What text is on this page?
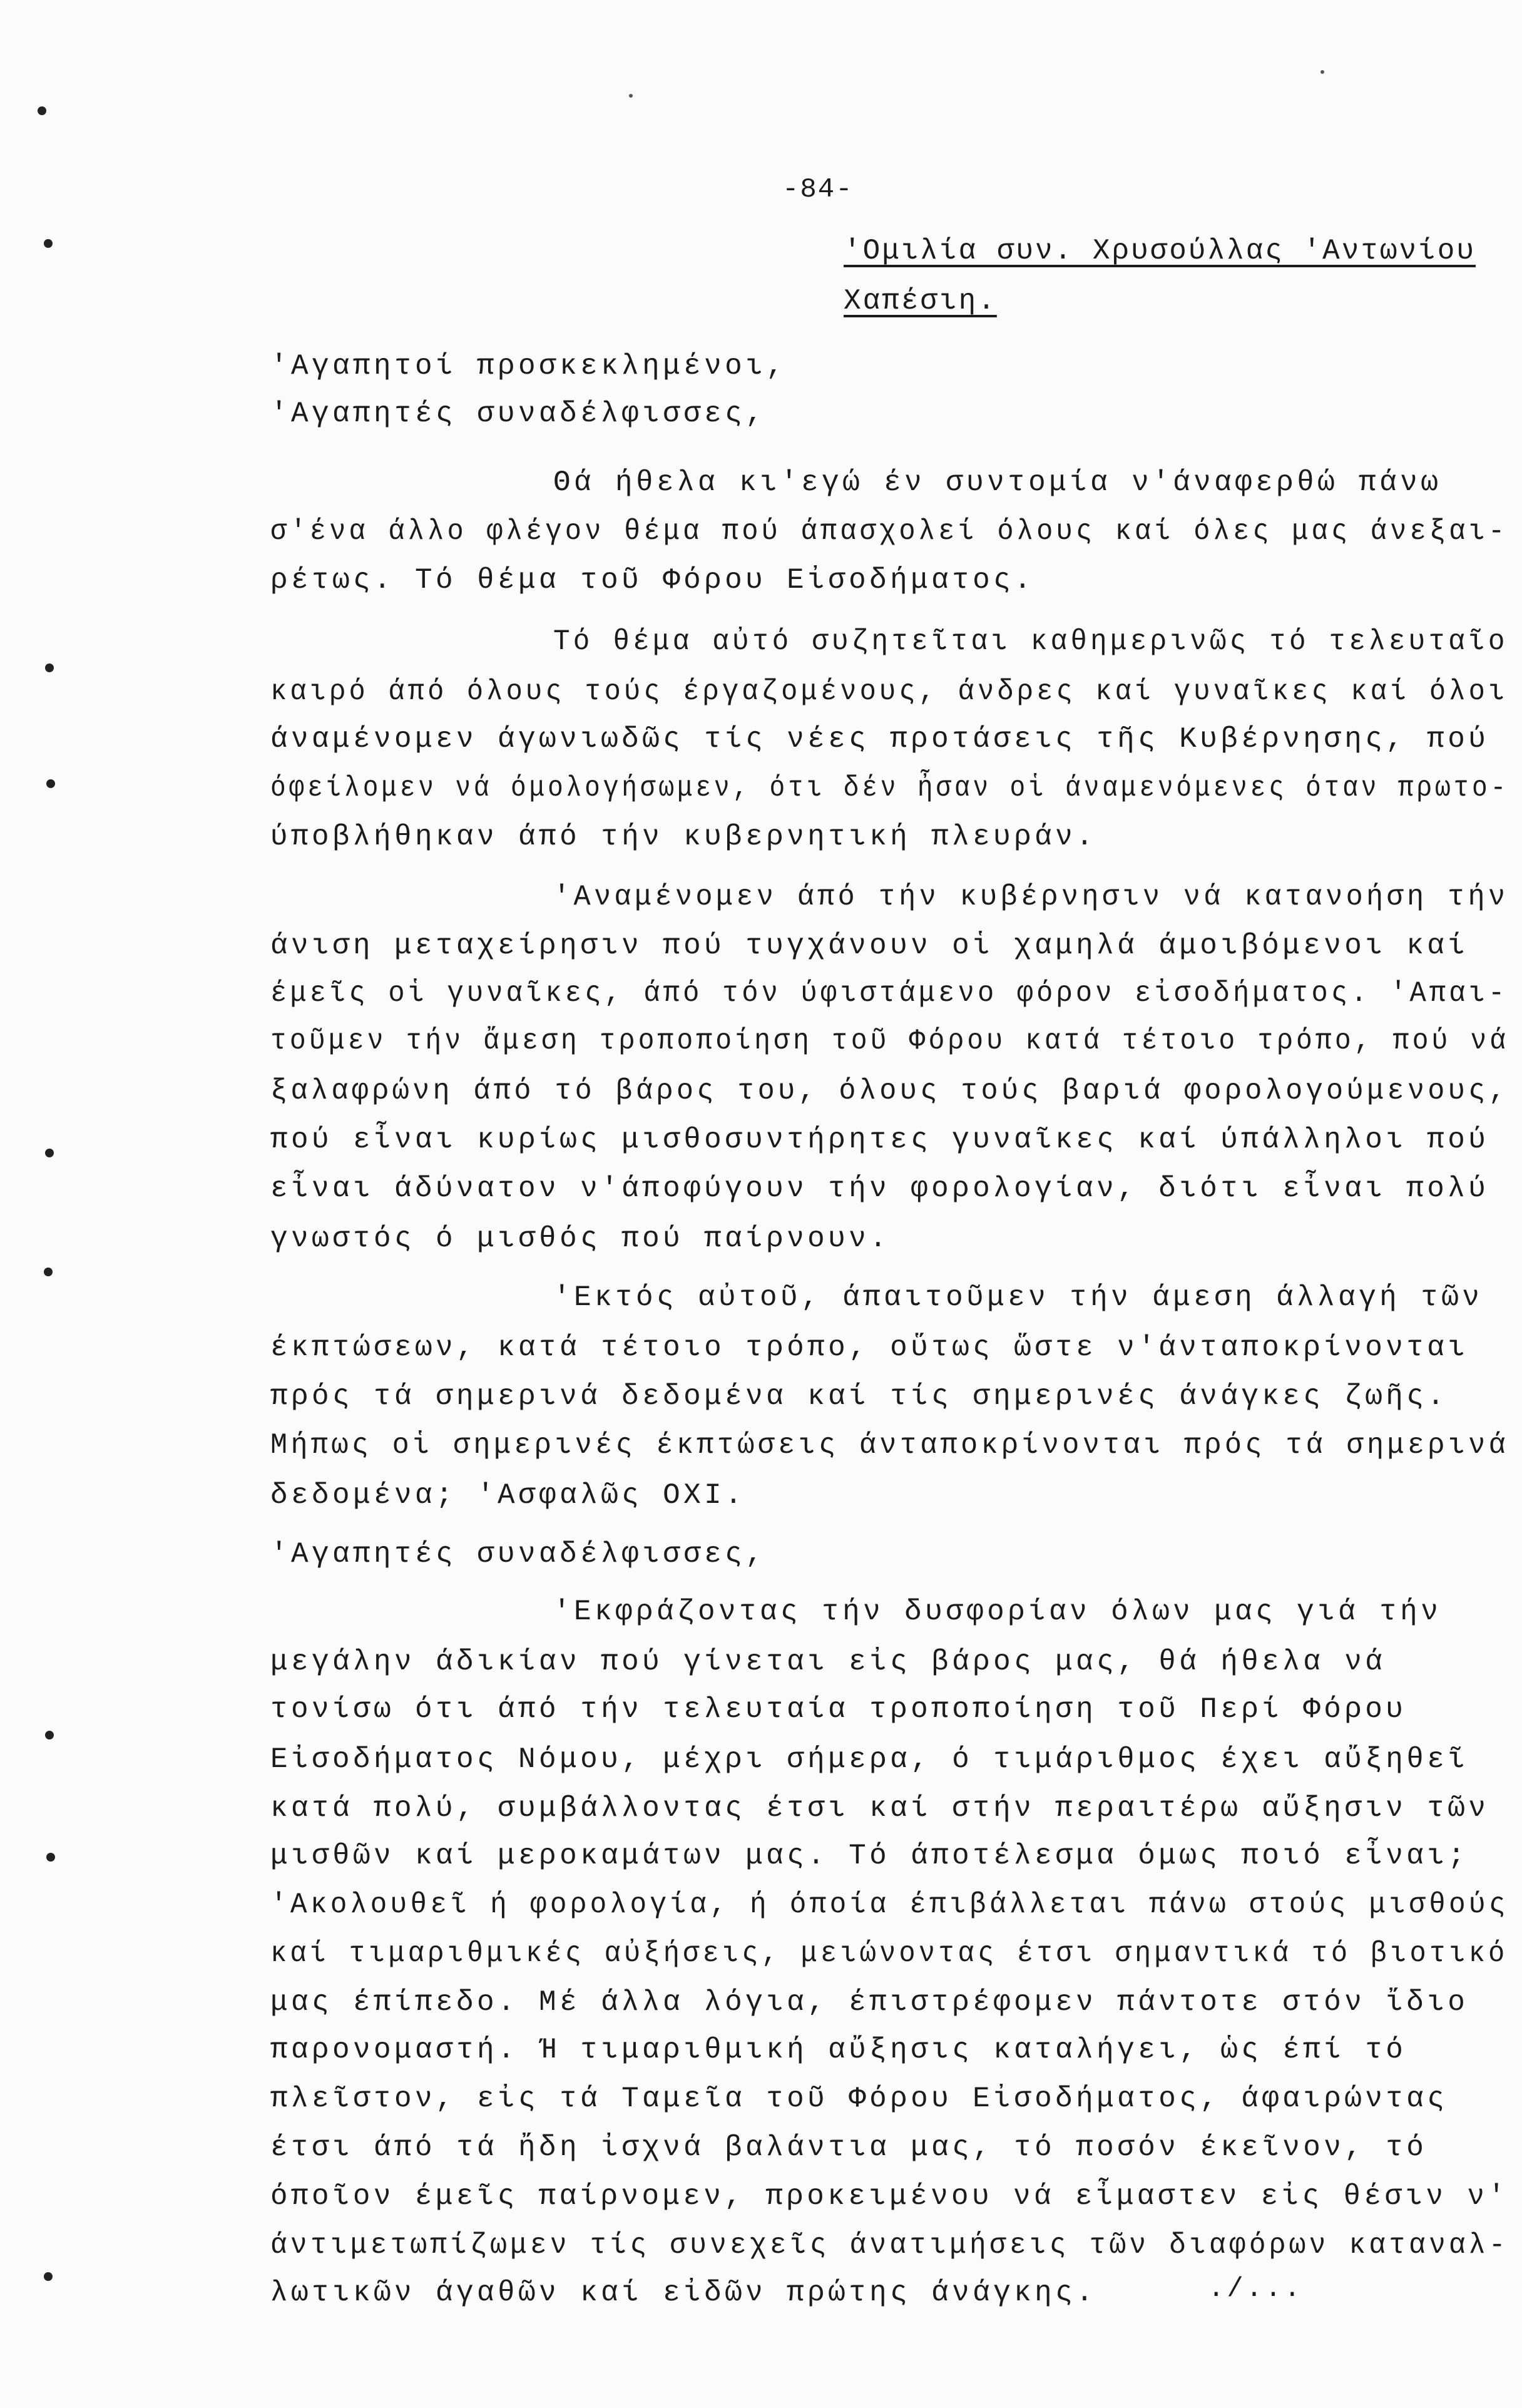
-84-
'Ομιλία συν. Χρυσούλλας 'Αντωνίου
Χαπέσιη.
'Αγαπητοί προσκεκλημένοι,
'Αγαπητές συναδέλφισσες,
Θά ήθελα κι'εγώ έν συντομία ν'άναφερθώ πάνω
σ'ένα άλλο φλέγον θέμα πού άπασχολεί όλους καί όλες μας άνεξαι-
ρέτως. Τό θέμα τοῦ Φόρου Εἰσοδήματος.
Τό θέμα αὐτό συζητεῖται καθημερινῶς τό τελευταῖο
καιρό άπό όλους τούς έργαζομένους, άνδρες καί γυναῖκες καί όλοι
άναμένομεν άγωνιωδῶς τίς νέες προτάσεις τῆς Κυβέρνησης, πού
όφείλομεν νά όμολογήσωμεν, ότι δέν ἦσαν οἱ άναμενόμενες όταν πρωτο-
ύποβλήθηκαν άπό τήν κυβερνητική πλευράν.
'Αναμένομεν άπό τήν κυβέρνησιν νά κατανοήση τήν
άνιση μεταχείρησιν πού τυγχάνουν οἱ χαμηλά άμοιβόμενοι καί
έμεῖς οἱ γυναῖκες, άπό τόν ύφιστάμενο φόρον εἰσοδήματος. 'Απαι-
τοῦμεν τήν ἄμεση τροποποίηση τοῦ Φόρου κατά τέτοιο τρόπο, πού νά
ξαλαφρώνη άπό τό βάρος του, όλους τούς βαριά φορολογούμενους,
πού εἶναι κυρίως μισθοσυντήρητες γυναῖκες καί ύπάλληλοι πού
εἶναι άδύνατον ν'άποφύγουν τήν φορολογίαν, διότι εἶναι πολύ
γνωστός ό μισθός πού παίρνουν.
'Εκτός αὐτοῦ, άπαιτοῦμεν τήν άμεση άλλαγή τῶν
έκπτώσεων, κατά τέτοιο τρόπο, οὕτως ὥστε ν'άνταποκρίνονται
πρός τά σημερινά δεδομένα καί τίς σημερινές άνάγκες ζωῆς.
Μήπως οἱ σημερινές έκπτώσεις άνταποκρίνονται πρός τά σημερινά
δεδομένα; 'Ασφαλῶς ΟΧΙ.
'Αγαπητές συναδέλφισσες,
'Εκφράζοντας τήν δυσφορίαν όλων μας γιά τήν
μεγάλην άδικίαν πού γίνεται εἰς βάρος μας, θά ήθελα νά
τονίσω ότι άπό τήν τελευταία τροποποίηση τοῦ Περί Φόρου
Εἰσοδήματος Νόμου, μέχρι σήμερα, ό τιμάριθμος έχει αὔξηθεῖ
κατά πολύ, συμβάλλοντας έτσι καί στήν περαιτέρω αὔξησιν τῶν
μισθῶν καί μεροκαμάτων μας. Τό άποτέλεσμα όμως ποιό εἶναι;
'Ακολουθεῖ ή φορολογία, ή όποία έπιβάλλεται πάνω στούς μισθούς
καί τιμαριθμικές αὐξήσεις, μειώνοντας έτσι σημαντικά τό βιοτικό
μας έπίπεδο. Μέ άλλα λόγια, έπιστρέφομεν πάντοτε στόν ἴδιο
παρονομαστή. Ή τιμαριθμική αὔξησις καταλήγει, ὡς έπί τό
πλεῖστον, εἰς τά Ταμεῖα τοῦ Φόρου Εἰσοδήματος, άφαιρώντας
έτσι άπό τά ἤδη ἰσχνά βαλάντια μας, τό ποσόν έκεῖνον, τό
όποῖον έμεῖς παίρνομεν, προκειμένου νά εἶμαστεν εἰς θέσιν ν'
άντιμετωπίζωμεν τίς συνεχεῖς άνατιμήσεις τῶν διαφόρων καταναλ-
λωτικῶν άγαθῶν καί εἰδῶν πρώτης άνάγκης.	./...
